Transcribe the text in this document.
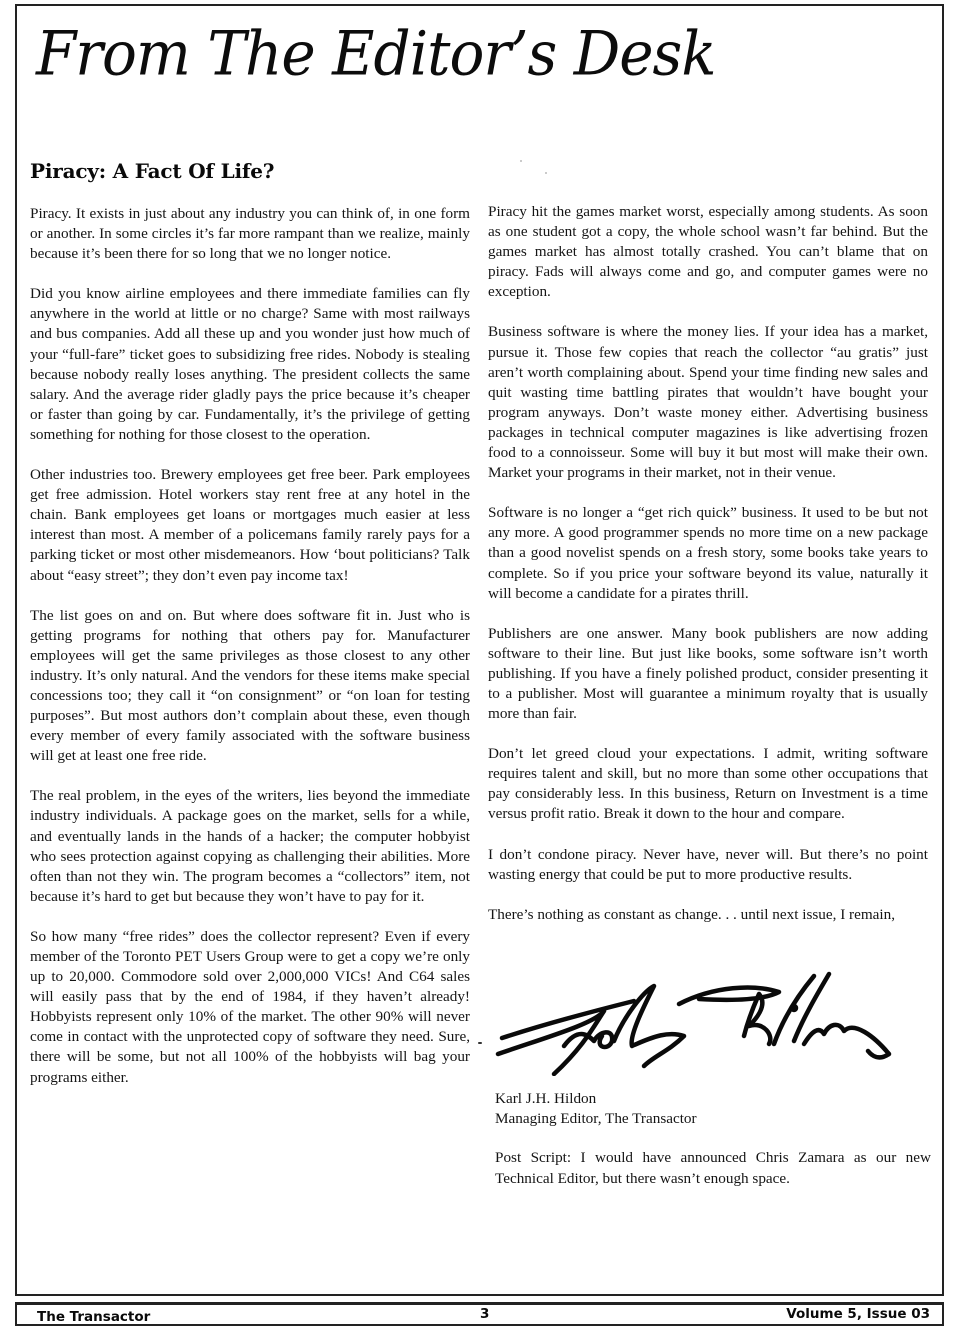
From The Editor’s Desk
Piracy: A Fact Of Life?

Piracy. It exists in just about any industry you can think of, in one form or another. In some circles it’s far more rampant than we realize, mainly because it’s been there for so long that we no longer notice.

Did you know airline employees and there immediate families can fly anywhere in the world at little or no charge? Same with most railways and bus companies. Add all these up and you wonder just how much of your “full-fare” ticket goes to subsidizing free rides. Nobody is stealing because nobody really loses anything. The president collects the same salary. And the average rider gladly pays the price because it’s cheaper or faster than going by car. Fundamentally, it’s the privilege of getting something for nothing for those closest to the operation.

Other industries too. Brewery employees get free beer. Park employees get free admission. Hotel workers stay rent free at any hotel in the chain. Bank employees get loans or mortgages much easier at less interest than most. A member of a policemans family rarely pays for a parking ticket or most other misdemeanors. How ‘bout politicians? Talk about “easy street”; they don’t even pay income tax!

The list goes on and on. But where does software fit in. Just who is getting programs for nothing that others pay for. Manufacturer employees will get the same privileges as those closest to any other industry. It’s only natural. And the vendors for these items make special concessions too; they call it “on consignment” or “on loan for testing purposes”. But most authors don’t complain about these, even though every member of every family associated with the software business will get at least one free ride.

The real problem, in the eyes of the writers, lies beyond the immediate industry individuals. A package goes on the market, sells for a while, and eventually lands in the hands of a hacker; the computer hobbyist who sees protection against copying as challenging their abilities. More often than not they win. The program becomes a “collectors” item, not because it’s hard to get but because they won’t have to pay for it.

So how many “free rides” does the collector represent? Even if every member of the Toronto PET Users Group were to get a copy we’re only up to 20,000. Commodore sold over 2,000,000 VICs! And C64 sales will easily pass that by the end of 1984, if they haven’t already! Hobbyists represent only 10% of the market. The other 90% will never come in contact with the unprotected copy of software they need. Sure, there will be some, but not all 100% of the hobbyists will bag your programs either.

Piracy hit the games market worst, especially among students. As soon as one student got a copy, the whole school wasn’t far behind. But the games market has almost totally crashed. You can’t blame that on piracy. Fads will always come and go, and computer games were no exception.

Business software is where the money lies. If your idea has a market, pursue it. Those few copies that reach the collector “au gratis” just aren’t worth complaining about. Spend your time finding new sales and quit wasting time battling pirates that wouldn’t have bought your program anyways. Don’t waste money either. Advertising business packages in technical computer magazines is like advertising frozen food to a connoisseur. Some will buy it but most will make their own. Market your programs in their market, not in their venue.

Software is no longer a “get rich quick” business. It used to be but not any more. A good programmer spends no more time on a new package than a good novelist spends on a fresh story, some books take years to complete. So if you price your software beyond its value, naturally it will become a candidate for a pirates thrill.

Publishers are one answer. Many book publishers are now adding software to their line. But just like books, some software isn’t worth publishing. If you have a finely polished product, consider presenting it to a publisher. Most will guarantee a minimum royalty that is usually more than fair.

Don’t let greed cloud your expectations. I admit, writing software requires talent and skill, but no more than some other occupations that pay considerably less. In this business, Return on Investment is a time versus profit ratio. Break it down to the hour and compare.

I don’t condone piracy. Never have, never will. But there’s no point wasting energy that could be put to more productive results.

There’s nothing as constant as change. . . until next issue, I remain,

Karl J.H. Hildon
Managing Editor, The Transactor
Post Script: I would have announced Chris Zamara as our new Technical Editor, but there wasn’t enough space.
The Transactor	3	Volume 5, Issue 03
